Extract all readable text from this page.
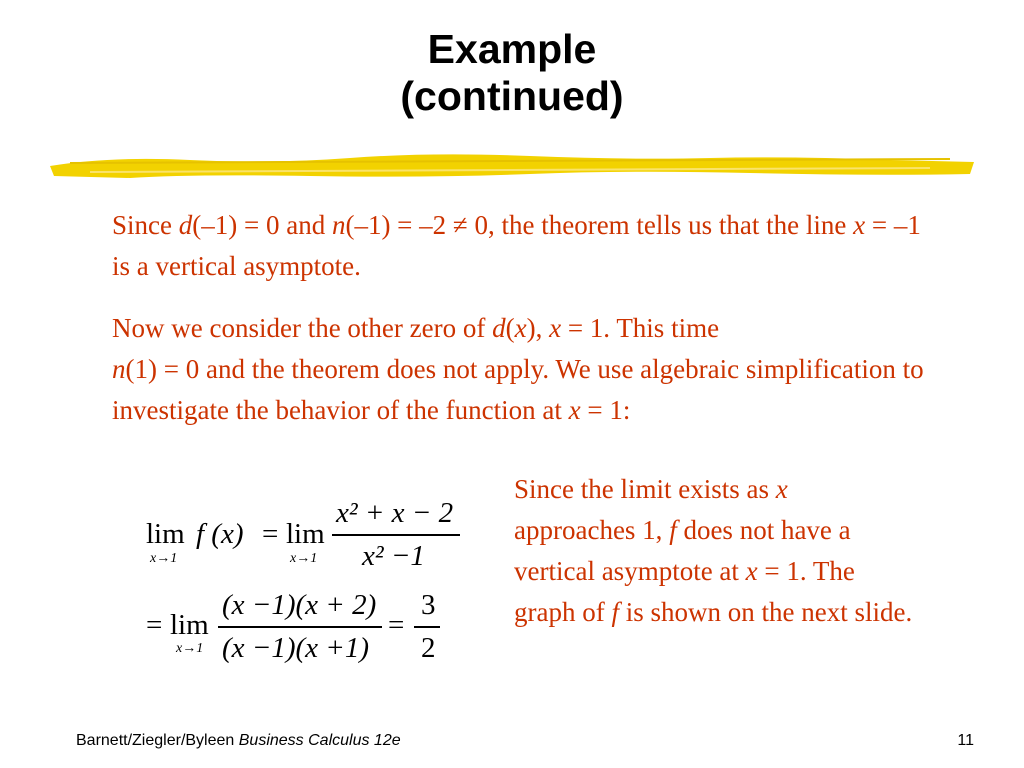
Example
(continued)
Since d(–1) = 0 and n(–1) = –2 ≠ 0, the theorem tells us that the line x = –1 is a vertical asymptote.
Now we consider the other zero of d(x), x = 1. This time
n(1) = 0 and the theorem does not apply. We use algebraic simplification to investigate the behavior of the function at x = 1:
lim
x→1
f (x) = lim
x→1
x² + x − 2
x² −1
= lim
x→1
(x −1)(x + 2)
(x −1)(x +1)
=
3
2
Since the limit exists as x approaches 1, f does not have a vertical asymptote at x = 1. The graph of f is shown on the next slide.
Barnett/Ziegler/Byleen Business Calculus 12e	11
